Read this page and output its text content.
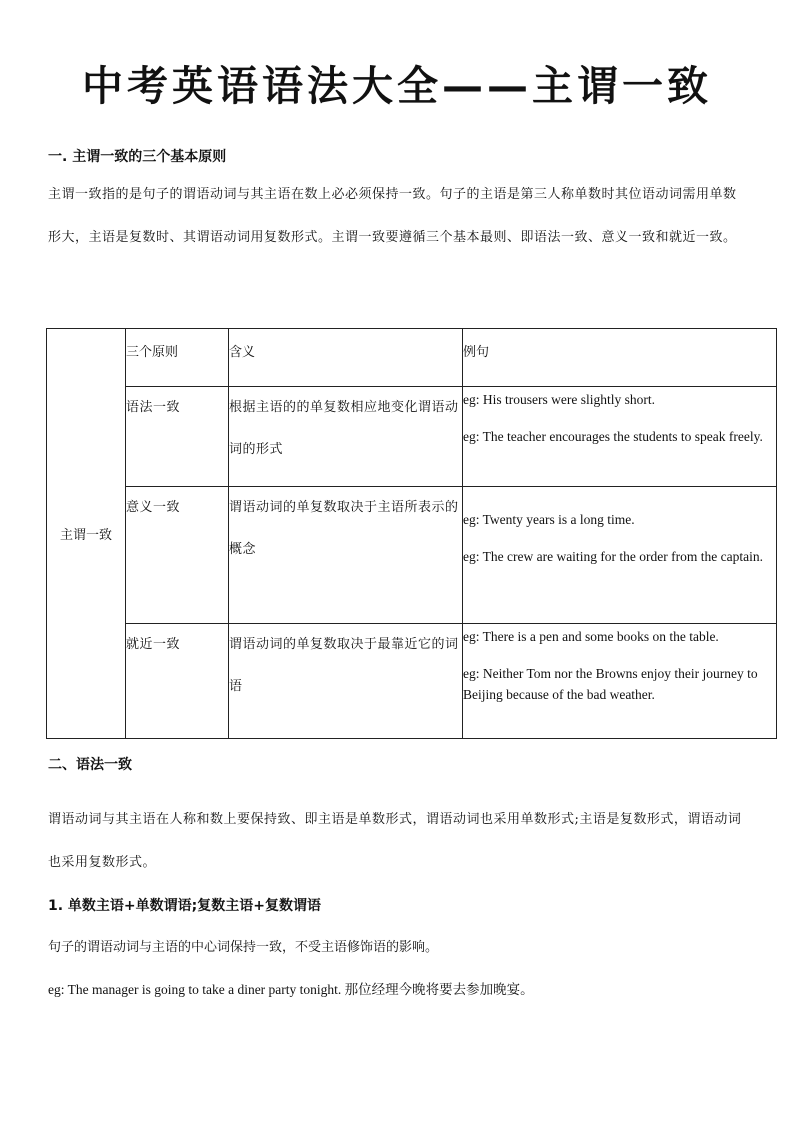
中考英语语法大全——主谓一致

一. 主谓一致的三个基本原则

主谓一致指的是句子的谓语动词与其主语在数上必必须保持一致。句子的主语是第三人称单数时其位语动词需用单数形大，主语是复数时、其谓语动词用复数形式。主谓一致要遵循三个基本最则、即语法一致、意义一致和就近一致。

主谓一致	三个原则	含义	例句
	语法一致	根据主语的的单复数相应地变化谓语动词的形式	eg: His trousers were slightly short.

eg: The teacher encourages the students to speak freely.

	意义一致	谓语动词的单复数取决于主语所表示的概念	eg: Twenty years is a long time.

eg: The crew are waiting for the order from the captain.

	就近一致	谓语动词的单复数取决于最靠近它的词语	eg: There is a pen and some books on the table.

eg: Neither Tom nor the Browns enjoy their journey to Beijing because of the bad weather.

二、语法一致

谓语动词与其主语在人称和数上要保持致、即主语是单数形式，谓语动词也采用单数形式;主语是复数形式，谓语动词也采用复数形式。

1. 单数主语+单数谓语;复数主语+复数谓语

句子的谓语动词与主语的中心词保持一致，不受主语修饰语的影响。

eg: The manager is going to take a diner party tonight. 那位经理今晚将要去参加晚宴。
